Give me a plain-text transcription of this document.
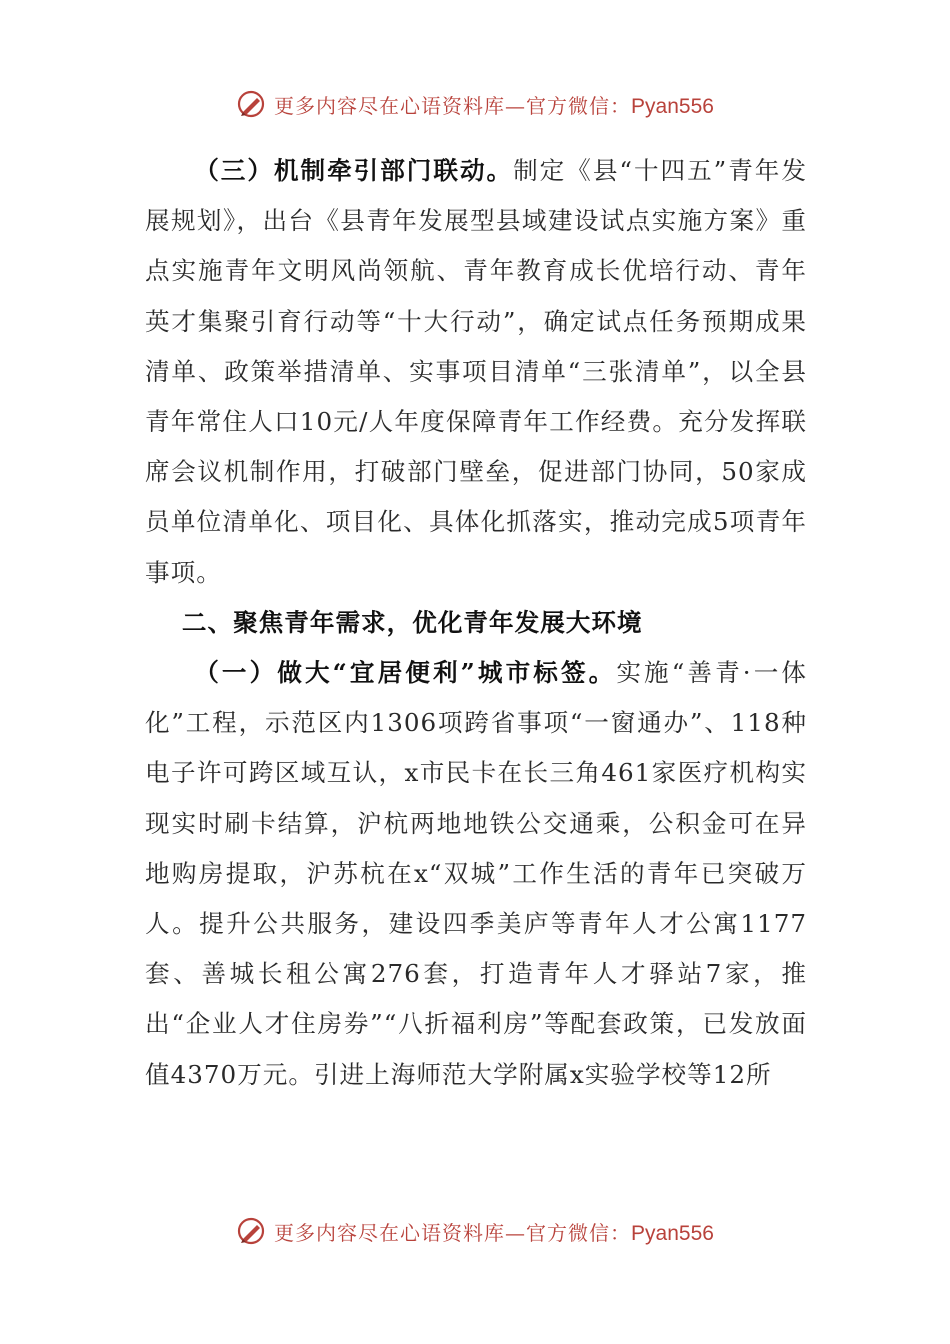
更多内容尽在心语资料库—官方微信：Pyan556

（三）机制牵引部门联动。制定《县“十四五”青年发展规划》，出台《县青年发展型县域建设试点实施方案》重点实施青年文明风尚领航、青年教育成长优培行动、青年英才集聚引育行动等“十大行动”，确定试点任务预期成果清单、政策举措清单、实事项目清单“三张清单”，以全县青年常住人口10元/人年度保障青年工作经费。充分发挥联席会议机制作用，打破部门壁垒，促进部门协同，50家成员单位清单化、项目化、具体化抓落实，推动完成5项青年事项。

二、聚焦青年需求，优化青年发展大环境

（一）做大“宜居便利”城市标签。实施“善青·一体化”工程，示范区内1306项跨省事项“一窗通办”、118种电子许可跨区域互认，x市民卡在长三角461家医疗机构实现实时刷卡结算，沪杭两地地铁公交通乘，公积金可在异地购房提取，沪苏杭在x“双城”工作生活的青年已突破万人。提升公共服务，建设四季美庐等青年人才公寓1177套、善城长租公寓276套，打造青年人才驿站7家，推出“企业人才住房券”“八折福利房”等配套政策，已发放面值4370万元。引进上海师范大学附属x实验学校等12所

更多内容尽在心语资料库—官方微信：Pyan556
